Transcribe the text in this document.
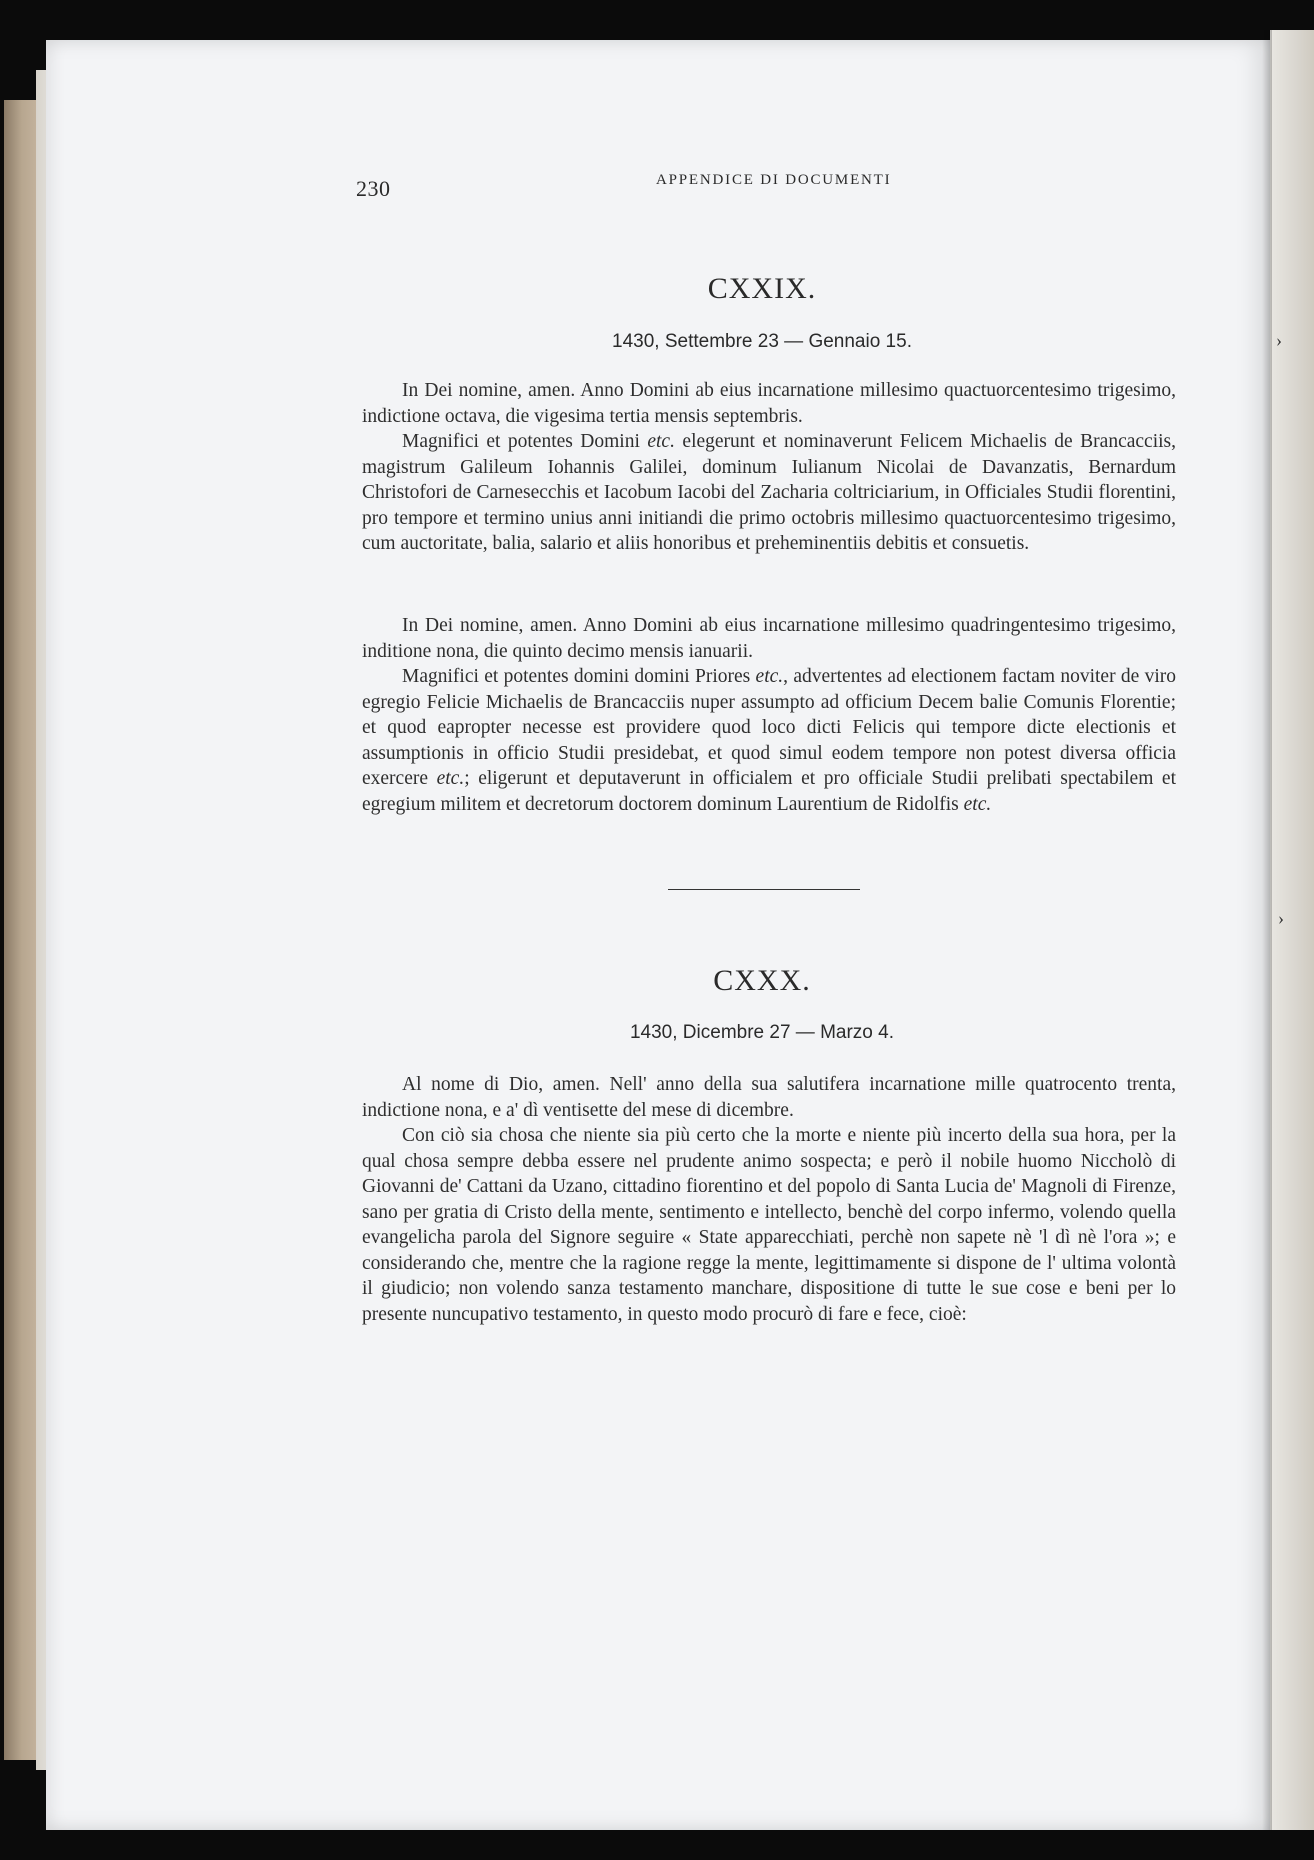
230	APPENDICE DI DOCUMENTI
CXXIX.

1430, Settembre 23 — Gennaio 15.

In Dei nomine, amen. Anno Domini ab eius incarnatione millesimo quactuorcentesimo trigesimo, indictione octava, die vigesima tertia mensis septembris.

Magnifici et potentes Domini etc. elegerunt et nominaverunt Felicem Michaelis de Brancacciis, magistrum Galileum Iohannis Galilei, dominum Iulianum Nicolai de Davanzatis, Bernardum Christofori de Carnesecchis et Iacobum Iacobi del Zacharia coltriciarium, in Officiales Studii florentini, pro tempore et termino unius anni initiandi die primo octobris millesimo quactuorcentesimo trigesimo, cum auctoritate, balia, salario et aliis honoribus et preheminentiis debitis et consuetis.

In Dei nomine, amen. Anno Domini ab eius incarnatione millesimo quadringentesimo trigesimo, inditione nona, die quinto decimo mensis ianuarii.

Magnifici et potentes domini domini Priores etc., advertentes ad electionem factam noviter de viro egregio Felicie Michaelis de Brancacciis nuper assumpto ad officium Decem balie Comunis Florentie; et quod eapropter necesse est providere quod loco dicti Felicis qui tempore dicte electionis et assumptionis in officio Studii presidebat, et quod simul eodem tempore non potest diversa officia exercere etc.; eligerunt et deputaverunt in officialem et pro officiale Studii prelibati spectabilem et egregium militem et decretorum doctorem dominum Laurentium de Ridolfis etc.

CXXX.

1430, Dicembre 27 — Marzo 4.

Al nome di Dio, amen. Nell' anno della sua salutifera incarnatione mille quatrocento trenta, indictione nona, e a' dì ventisette del mese di dicembre.

Con ciò sia chosa che niente sia più certo che la morte e niente più incerto della sua hora, per la qual chosa sempre debba essere nel prudente animo sospecta; e però il nobile huomo Niccholò di Giovanni de' Cattani da Uzano, cittadino fiorentino et del popolo di Santa Lucia de' Magnoli di Firenze, sano per gratia di Cristo della mente, sentimento e intellecto, benchè del corpo infermo, volendo quella evangelicha parola del Signore seguire « State apparecchiati, perchè non sapete nè 'l dì nè l'ora »; e considerando che, mentre che la ragione regge la mente, legittimamente si dispone de l' ultima volontà il giudicio; non volendo sanza testamento manchare, dispositione di tutte le sue cose e beni per lo presente nuncupativo testamento, in questo modo procurò di fare e fece, cioè:

›
›
